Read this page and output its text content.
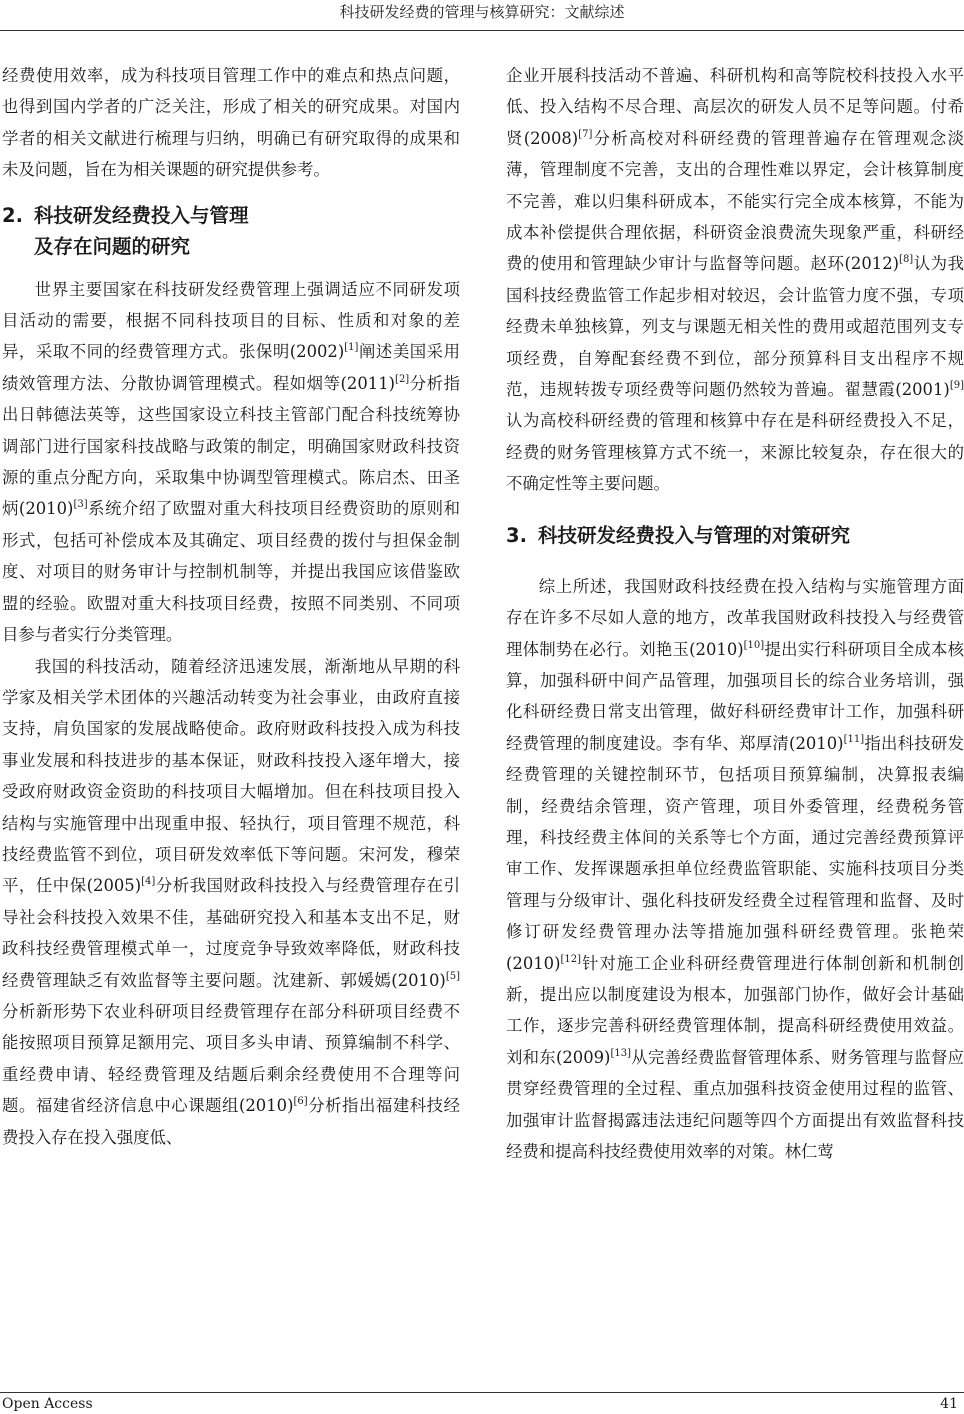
科技研发经费的管理与核算研究：文献综述

经费使用效率，成为科技项目管理工作中的难点和热点问题，也得到国内学者的广泛关注，形成了相关的研究成果。对国内学者的相关文献进行梳理与归纳，明确已有研究取得的成果和未及问题，旨在为相关课题的研究提供参考。

2. 科技研发经费投入与管理
及存在问题的研究

世界主要国家在科技研发经费管理上强调适应不同研发项目活动的需要，根据不同科技项目的目标、性质和对象的差异，采取不同的经费管理方式。张保明(2002)[1]阐述美国采用绩效管理方法、分散协调管理模式。程如烟等(2011)[2]分析指出日韩德法英等，这些国家设立科技主管部门配合科技统筹协调部门进行国家科技战略与政策的制定，明确国家财政科技资源的重点分配方向，采取集中协调型管理模式。陈启杰、田圣炳(2010)[3]系统介绍了欧盟对重大科技项目经费资助的原则和形式，包括可补偿成本及其确定、项目经费的拨付与担保金制度、对项目的财务审计与控制机制等，并提出我国应该借鉴欧盟的经验。欧盟对重大科技项目经费，按照不同类别、不同项目参与者实行分类管理。

我国的科技活动，随着经济迅速发展，渐渐地从早期的科学家及相关学术团体的兴趣活动转变为社会事业，由政府直接支持，肩负国家的发展战略使命。政府财政科技投入成为科技事业发展和科技进步的基本保证，财政科技投入逐年增大，接受政府财政资金资助的科技项目大幅增加。但在科技项目投入结构与实施管理中出现重申报、轻执行，项目管理不规范，科技经费监管不到位，项目研发效率低下等问题。宋河发，穆荣平，任中保(2005)[4]分析我国财政科技投入与经费管理存在引导社会科技投入效果不佳，基础研究投入和基本支出不足，财政科技经费管理模式单一，过度竞争导致效率降低，财政科技经费管理缺乏有效监督等主要问题。沈建新、郭媛嫣(2010)[5]分析新形势下农业科研项目经费管理存在部分科研项目经费不能按照项目预算足额用完、项目多头申请、预算编制不科学、重经费申请、轻经费管理及结题后剩余经费使用不合理等问题。福建省经济信息中心课题组(2010)[6]分析指出福建科技经费投入存在投入强度低、

企业开展科技活动不普遍、科研机构和高等院校科技投入水平低、投入结构不尽合理、高层次的研发人员不足等问题。付希贤(2008)[7]分析高校对科研经费的管理普遍存在管理观念淡薄，管理制度不完善，支出的合理性难以界定，会计核算制度不完善，难以归集科研成本，不能实行完全成本核算，不能为成本补偿提供合理依据，科研资金浪费流失现象严重，科研经费的使用和管理缺少审计与监督等问题。赵环(2012)[8]认为我国科技经费监管工作起步相对较迟，会计监管力度不强，专项经费未单独核算，列支与课题无相关性的费用或超范围列支专项经费，自筹配套经费不到位，部分预算科目支出程序不规范，违规转拨专项经费等问题仍然较为普遍。翟慧霞(2001)[9]认为高校科研经费的管理和核算中存在是科研经费投入不足，经费的财务管理核算方式不统一，来源比较复杂，存在很大的不确定性等主要问题。

3. 科技研发经费投入与管理的对策研究

综上所述，我国财政科技经费在投入结构与实施管理方面存在许多不尽如人意的地方，改革我国财政科技投入与经费管理体制势在必行。刘艳玉(2010)[10]提出实行科研项目全成本核算，加强科研中间产品管理，加强项目长的综合业务培训，强化科研经费日常支出管理，做好科研经费审计工作，加强科研经费管理的制度建设。李有华、郑厚清(2010)[11]指出科技研发经费管理的关键控制环节，包括项目预算编制，决算报表编制，经费结余管理，资产管理，项目外委管理，经费税务管理，科技经费主体间的关系等七个方面，通过完善经费预算评审工作、发挥课题承担单位经费监管职能、实施科技项目分类管理与分级审计、强化科技研发经费全过程管理和监督、及时修订研发经费管理办法等措施加强科研经费管理。张艳荣(2010)[12]针对施工企业科研经费管理进行体制创新和机制创新，提出应以制度建设为根本，加强部门协作，做好会计基础工作，逐步完善科研经费管理体制，提高科研经费使用效益。刘和东(2009)[13]从完善经费监督管理体系、财务管理与监督应贯穿经费管理的全过程、重点加强科技资金使用过程的监管、加强审计监督揭露违法违纪问题等四个方面提出有效监督科技经费和提高科技经费使用效率的对策。林仁莺

Open Access	41
